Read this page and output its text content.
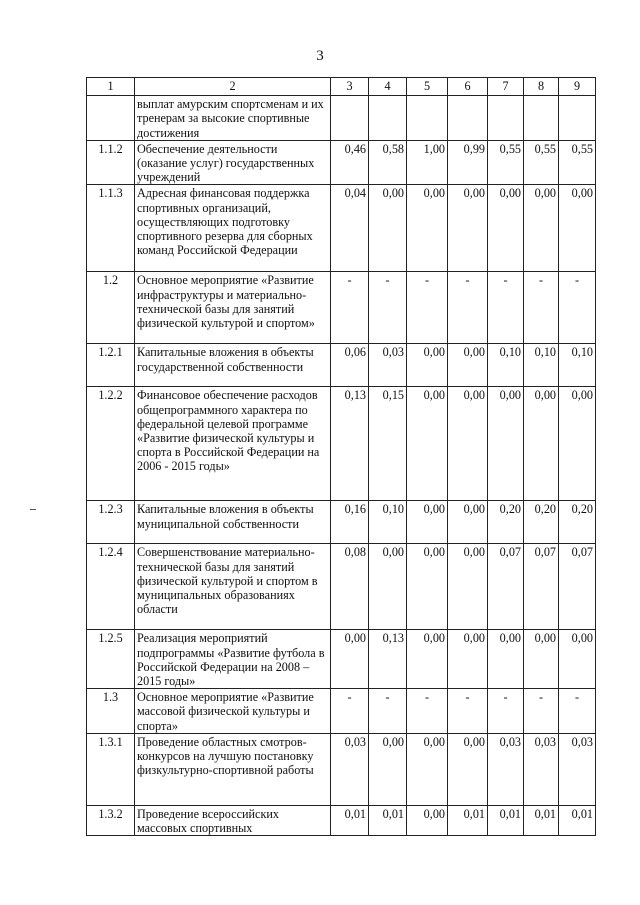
3
1	2	3	4	5	6	7	8	9
	выплат амурским спортсменам и их тренерам за высокие спортивные достижения							
1.1.2	Обеспечение деятельности (оказание услуг) государственных учреждений	0,46	0,58	1,00	0,99	0,55	0,55	0,55
1.1.3	Адресная финансовая поддержка спортивных организаций, осуществляющих подготовку спортивного резерва для сборных команд Российской Федерации	0,04	0,00	0,00	0,00	0,00	0,00	0,00
1.2	Основное мероприятие «Развитие инфраструктуры и материально-технической базы для занятий физической культурой и спортом»	-	-	-	-	-	-	-
1.2.1	Капитальные вложения в объекты государственной собственности	0,06	0,03	0,00	0,00	0,10	0,10	0,10
1.2.2	Финансовое обеспечение расходов общепрограммного характера по федеральной целевой программе «Развитие физической культуры и спорта в Российской Федерации на 2006 - 2015 годы»	0,13	0,15	0,00	0,00	0,00	0,00	0,00
1.2.3	Капитальные вложения в объекты муниципальной собственности	0,16	0,10	0,00	0,00	0,20	0,20	0,20
1.2.4	Совершенствование материально-технической базы для занятий физической культурой и спортом в муниципальных образованиях области	0,08	0,00	0,00	0,00	0,07	0,07	0,07
1.2.5	Реализация мероприятий подпрограммы «Развитие футбола в Российской Федерации на 2008 – 2015 годы»	0,00	0,13	0,00	0,00	0,00	0,00	0,00
1.3	Основное мероприятие «Развитие массовой физической культуры и спорта»	-	-	-	-	-	-	-
1.3.1	Проведение областных смотров-конкурсов на лучшую постановку физкультурно-спортивной работы	0,03	0,00	0,00	0,00	0,03	0,03	0,03
1.3.2	Проведение всероссийских массовых спортивных	0,01	0,01	0,00	0,01	0,01	0,01	0,01
